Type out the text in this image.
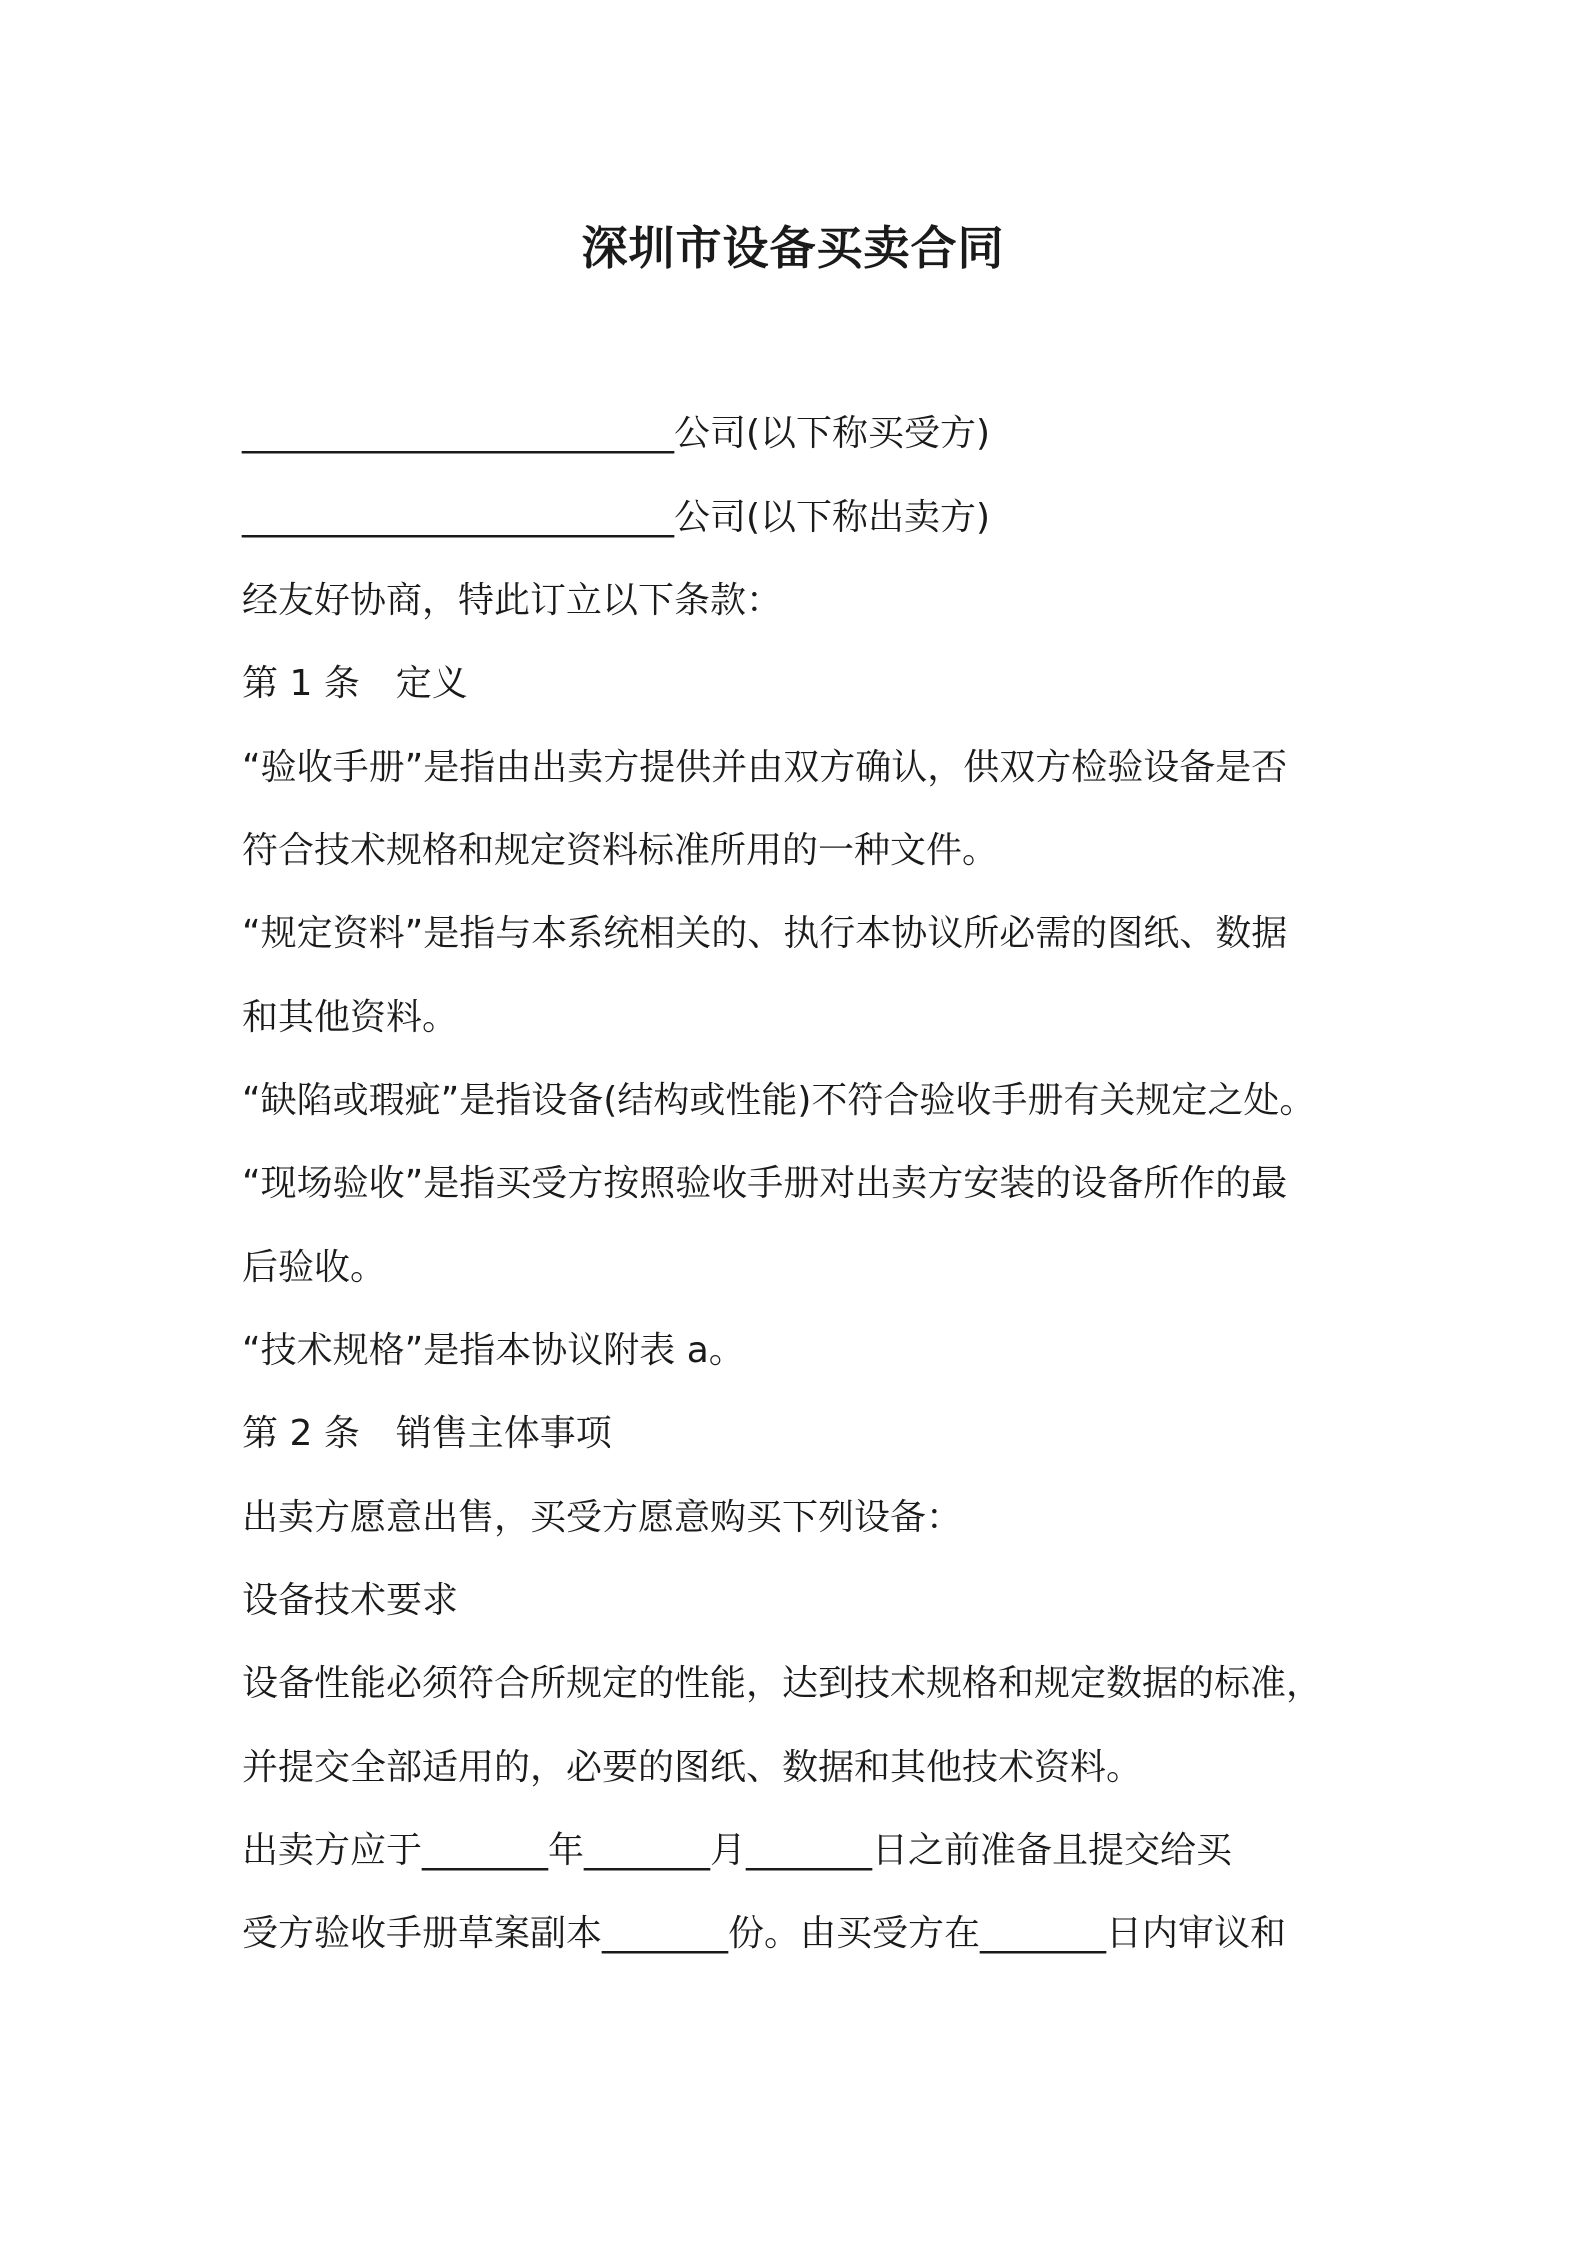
深圳市设备买卖合同
________________________公司(以下称买受方)
________________________公司(以下称出卖方)
经友好协商，特此订立以下条款：
第 1 条　定义
“验收手册”是指由出卖方提供并由双方确认，供双方检验设备是否
符合技术规格和规定资料标准所用的一种文件。
“规定资料”是指与本系统相关的、执行本协议所必需的图纸、数据
和其他资料。
“缺陷或瑕疵”是指设备(结构或性能)不符合验收手册有关规定之处。
“现场验收”是指买受方按照验收手册对出卖方安装的设备所作的最
后验收。
“技术规格”是指本协议附表 a。
第 2 条　销售主体事项
出卖方愿意出售，买受方愿意购买下列设备：
设备技术要求
设备性能必须符合所规定的性能，达到技术规格和规定数据的标准，
并提交全部适用的，必要的图纸、数据和其他技术资料。
出卖方应于_______年_______月_______日之前准备且提交给买
受方验收手册草案副本_______份。由买受方在_______日内审议和
